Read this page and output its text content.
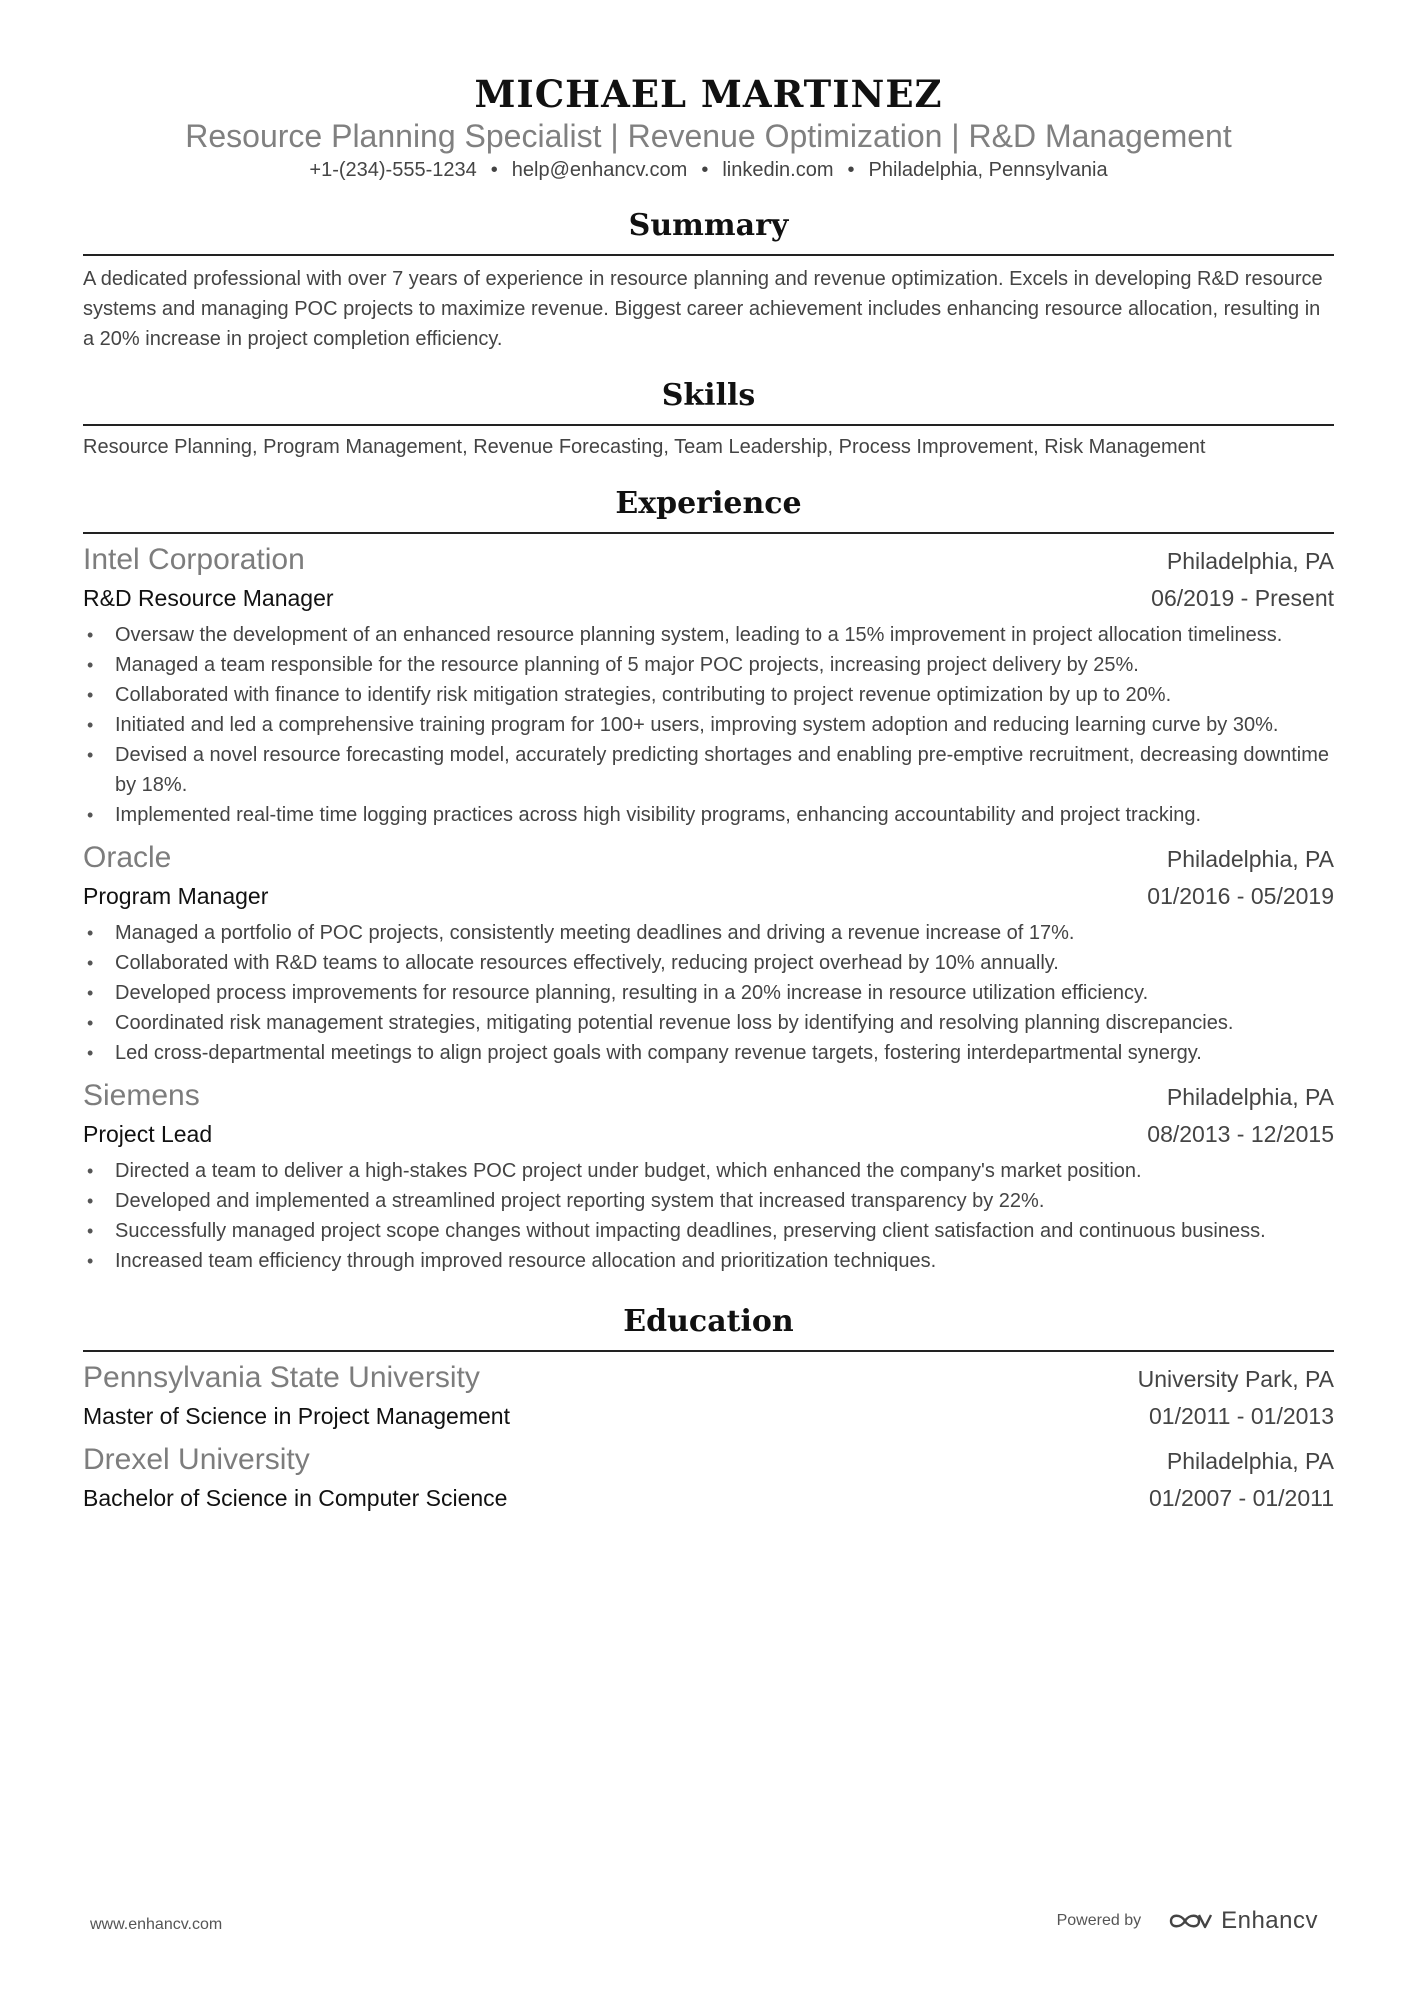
MICHAEL MARTINEZ
Resource Planning Specialist | Revenue Optimization | R&D Management
+1-(234)-555-1234 • help@enhancv.com • linkedin.com • Philadelphia, Pennsylvania
Summary
A dedicated professional with over 7 years of experience in resource planning and revenue optimization. Excels in developing R&D resource systems and managing POC projects to maximize revenue. Biggest career achievement includes enhancing resource allocation, resulting in a 20% increase in project completion efficiency.
Skills
Resource Planning, Program Management, Revenue Forecasting, Team Leadership, Process Improvement, Risk Management
Experience
Intel Corporation	Philadelphia, PA
R&D Resource Manager	06/2019 - Present
• Oversaw the development of an enhanced resource planning system, leading to a 15% improvement in project allocation timeliness.
• Managed a team responsible for the resource planning of 5 major POC projects, increasing project delivery by 25%.
• Collaborated with finance to identify risk mitigation strategies, contributing to project revenue optimization by up to 20%.
• Initiated and led a comprehensive training program for 100+ users, improving system adoption and reducing learning curve by 30%.
• Devised a novel resource forecasting model, accurately predicting shortages and enabling pre-emptive recruitment, decreasing downtime by 18%.
• Implemented real-time time logging practices across high visibility programs, enhancing accountability and project tracking.
Oracle	Philadelphia, PA
Program Manager	01/2016 - 05/2019
• Managed a portfolio of POC projects, consistently meeting deadlines and driving a revenue increase of 17%.
• Collaborated with R&D teams to allocate resources effectively, reducing project overhead by 10% annually.
• Developed process improvements for resource planning, resulting in a 20% increase in resource utilization efficiency.
• Coordinated risk management strategies, mitigating potential revenue loss by identifying and resolving planning discrepancies.
• Led cross-departmental meetings to align project goals with company revenue targets, fostering interdepartmental synergy.
Siemens	Philadelphia, PA
Project Lead	08/2013 - 12/2015
• Directed a team to deliver a high-stakes POC project under budget, which enhanced the company's market position.
• Developed and implemented a streamlined project reporting system that increased transparency by 22%.
• Successfully managed project scope changes without impacting deadlines, preserving client satisfaction and continuous business.
• Increased team efficiency through improved resource allocation and prioritization techniques.
Education
Pennsylvania State University	University Park, PA
Master of Science in Project Management	01/2011 - 01/2013
Drexel University	Philadelphia, PA
Bachelor of Science in Computer Science	01/2007 - 01/2011
www.enhancv.com	Powered by	Enhancv
